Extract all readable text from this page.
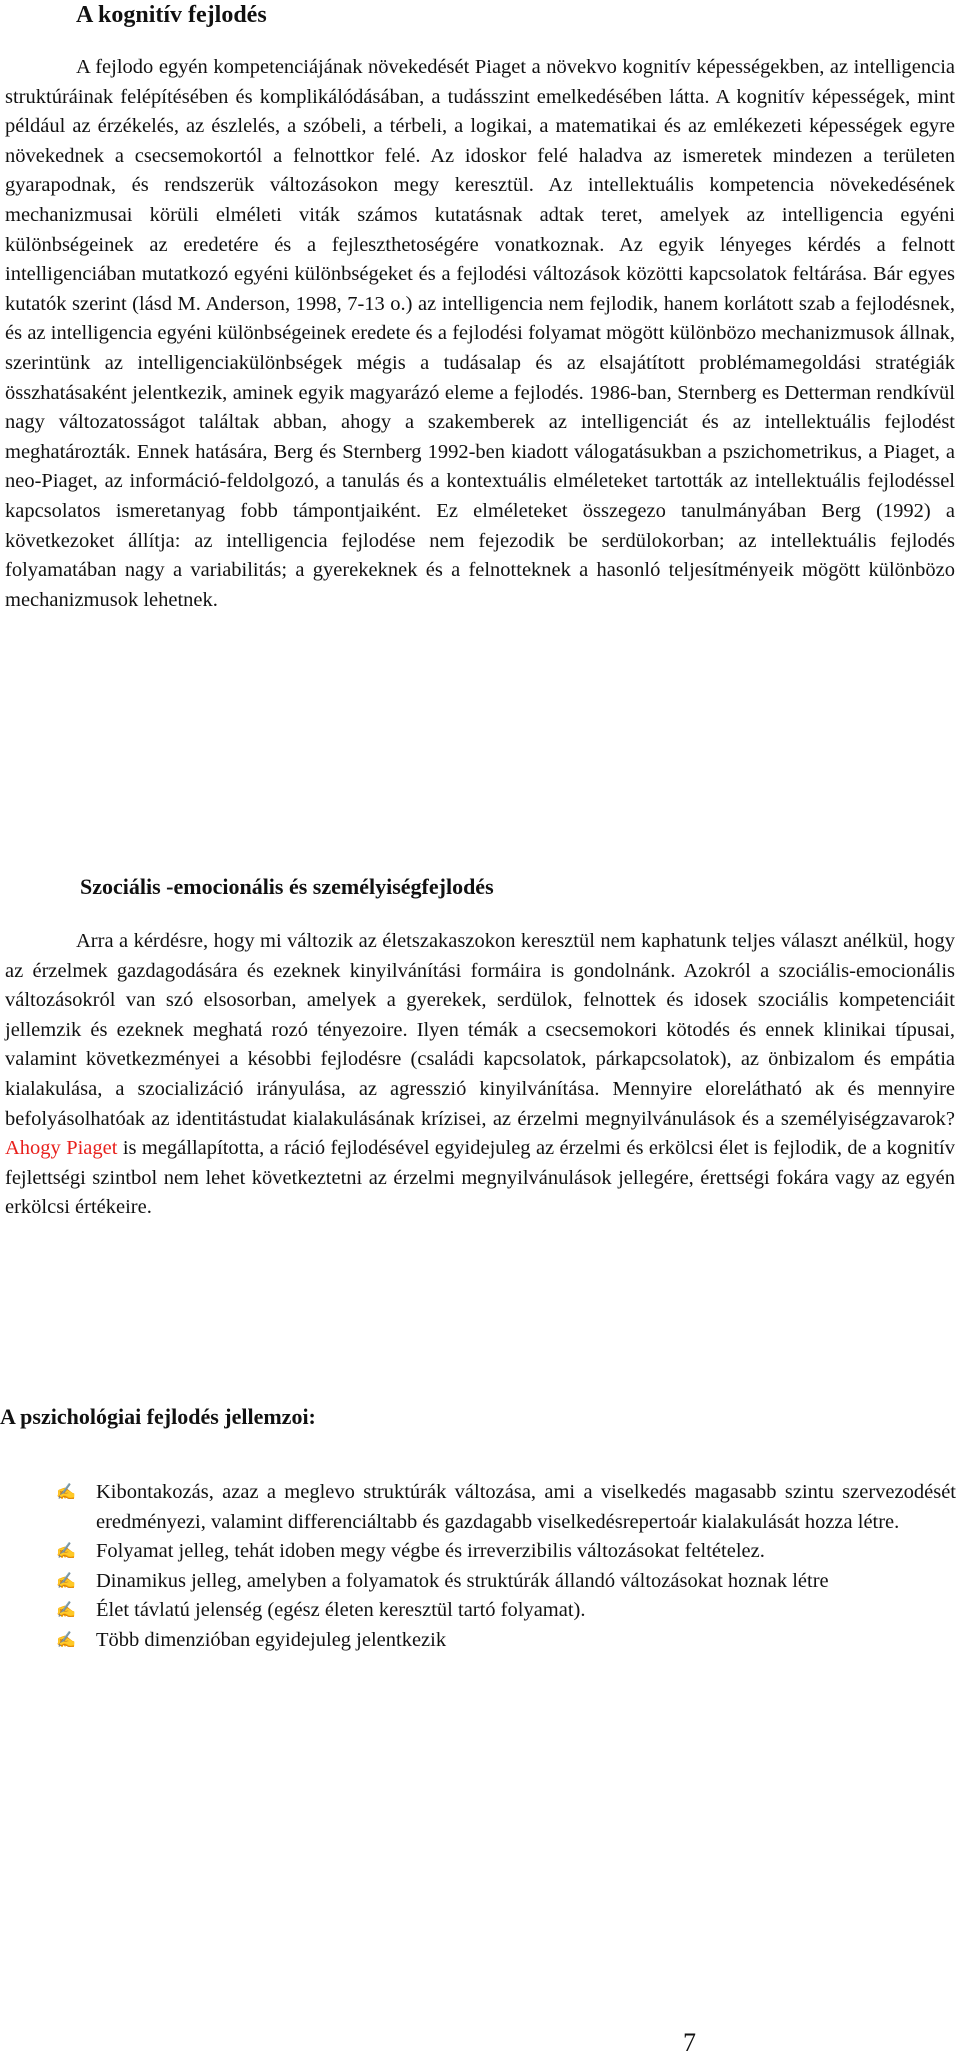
A kognitív fejlodés

A fejlodo egyén kompetenciájának növekedését Piaget a növekvo kognitív képességekben, az intelligencia struktúráinak felépítésében és komplikálódásában, a tudásszint emelkedésében látta. A kognitív képességek, mint például az érzékelés, az észlelés, a szóbeli, a térbeli, a logikai, a matematikai és az emlékezeti képességek egyre növekednek a csecsemokortól a felnottkor felé. Az idoskor felé haladva az ismeretek mindezen a területen gyarapodnak, és rendszerük változásokon megy keresztül. Az intellektuális kompetencia növekedésének mechanizmusai körüli elméleti viták számos kutatásnak adtak teret, amelyek az intelligencia egyéni különbségeinek az eredetére és a fejleszthetoségére vonatkoznak. Az egyik lényeges kérdés a felnott intelligenciában mutatkozó egyéni különbségeket és a fejlodési változások közötti kapcsolatok feltárása. Bár egyes kutatók szerint (lásd M. Anderson, 1998, 7-13 o.) az intelligencia nem fejlodik, hanem korlátott szab a fejlodésnek, és az intelligencia egyéni különbségeinek eredete és a fejlodési folyamat mögött különbözo mechanizmusok állnak, szerintünk az intelligenciakülönbségek mégis a tudásalap és az elsajátított problémamegoldási stratégiák összhatásaként jelentkezik, aminek egyik magyarázó eleme a fejlodés. 1986-ban, Sternberg es Detterman rendkívül nagy változatosságot találtak abban, ahogy a szakemberek az intelligenciát és az intellektuális fejlodést meghatározták. Ennek hatására, Berg és Sternberg 1992-ben kiadott válogatásukban a pszichometrikus, a Piaget, a neo-Piaget, az információ-feldolgozó, a tanulás és a kontextuális elméleteket tartották az intellektuális fejlodéssel kapcsolatos ismeretanyag fobb támpontjaiként. Ez elméleteket összegezo tanulmányában Berg (1992) a következoket állítja: az intelligencia fejlodése nem fejezodik be serdülokorban; az intellektuális fejlodés folyamatában nagy a variabilitás; a gyerekeknek és a felnotteknek a hasonló teljesítményeik mögött különbözo mechanizmusok lehetnek.

Szociális -emocionális és személyiségfejlodés

Arra a kérdésre, hogy mi változik az életszakaszokon keresztül nem kaphatunk teljes választ anélkül, hogy az érzelmek gazdagodására és ezeknek kinyilvánítási formáira is gondolnánk. Azokról a szociális-emocionális változásokról van szó elsosorban, amelyek a gyerekek, serdülok, felnottek és idosek szociális kompetenciáit jellemzik és ezeknek meghatá rozó tényezoire. Ilyen témák a csecsemokori kötodés és ennek klinikai típusai, valamint következményei a késobbi fejlodésre (családi kapcsolatok, párkapcsolatok), az önbizalom és empátia kialakulása, a szocializáció irányulása, az agresszió kinyilvánítása. Mennyire elorelátható ak és mennyire befolyásolhatóak az identitástudat kialakulásának krízisei, az érzelmi megnyilvánulások és a személyiségzavarok? Ahogy Piaget is megállapította, a ráció fejlodésével egyidejuleg az érzelmi és erkölcsi élet is fejlodik, de a kognitív fejlettségi szintbol nem lehet következtetni az érzelmi megnyilvánulások jellegére, érettségi fokára vagy az egyén erkölcsi értékeire.

A pszichológiai fejlodés jellemzoi:
✍ Kibontakozás, azaz a meglevo struktúrák változása, ami a viselkedés magasabb szintu szervezodését eredményezi, valamint differenciáltabb és gazdagabb viselkedésrepertoár kialakulását hozza létre.
✍ Folyamat jelleg, tehát idoben megy végbe és irreverzibilis változásokat feltételez.
✍ Dinamikus jelleg, amelyben a folyamatok és struktúrák állandó változásokat hoznak létre
✍ Élet távlatú jelenség (egész életen keresztül tartó folyamat).
✍ Több dimenzióban egyidejuleg jelentkezik
7
